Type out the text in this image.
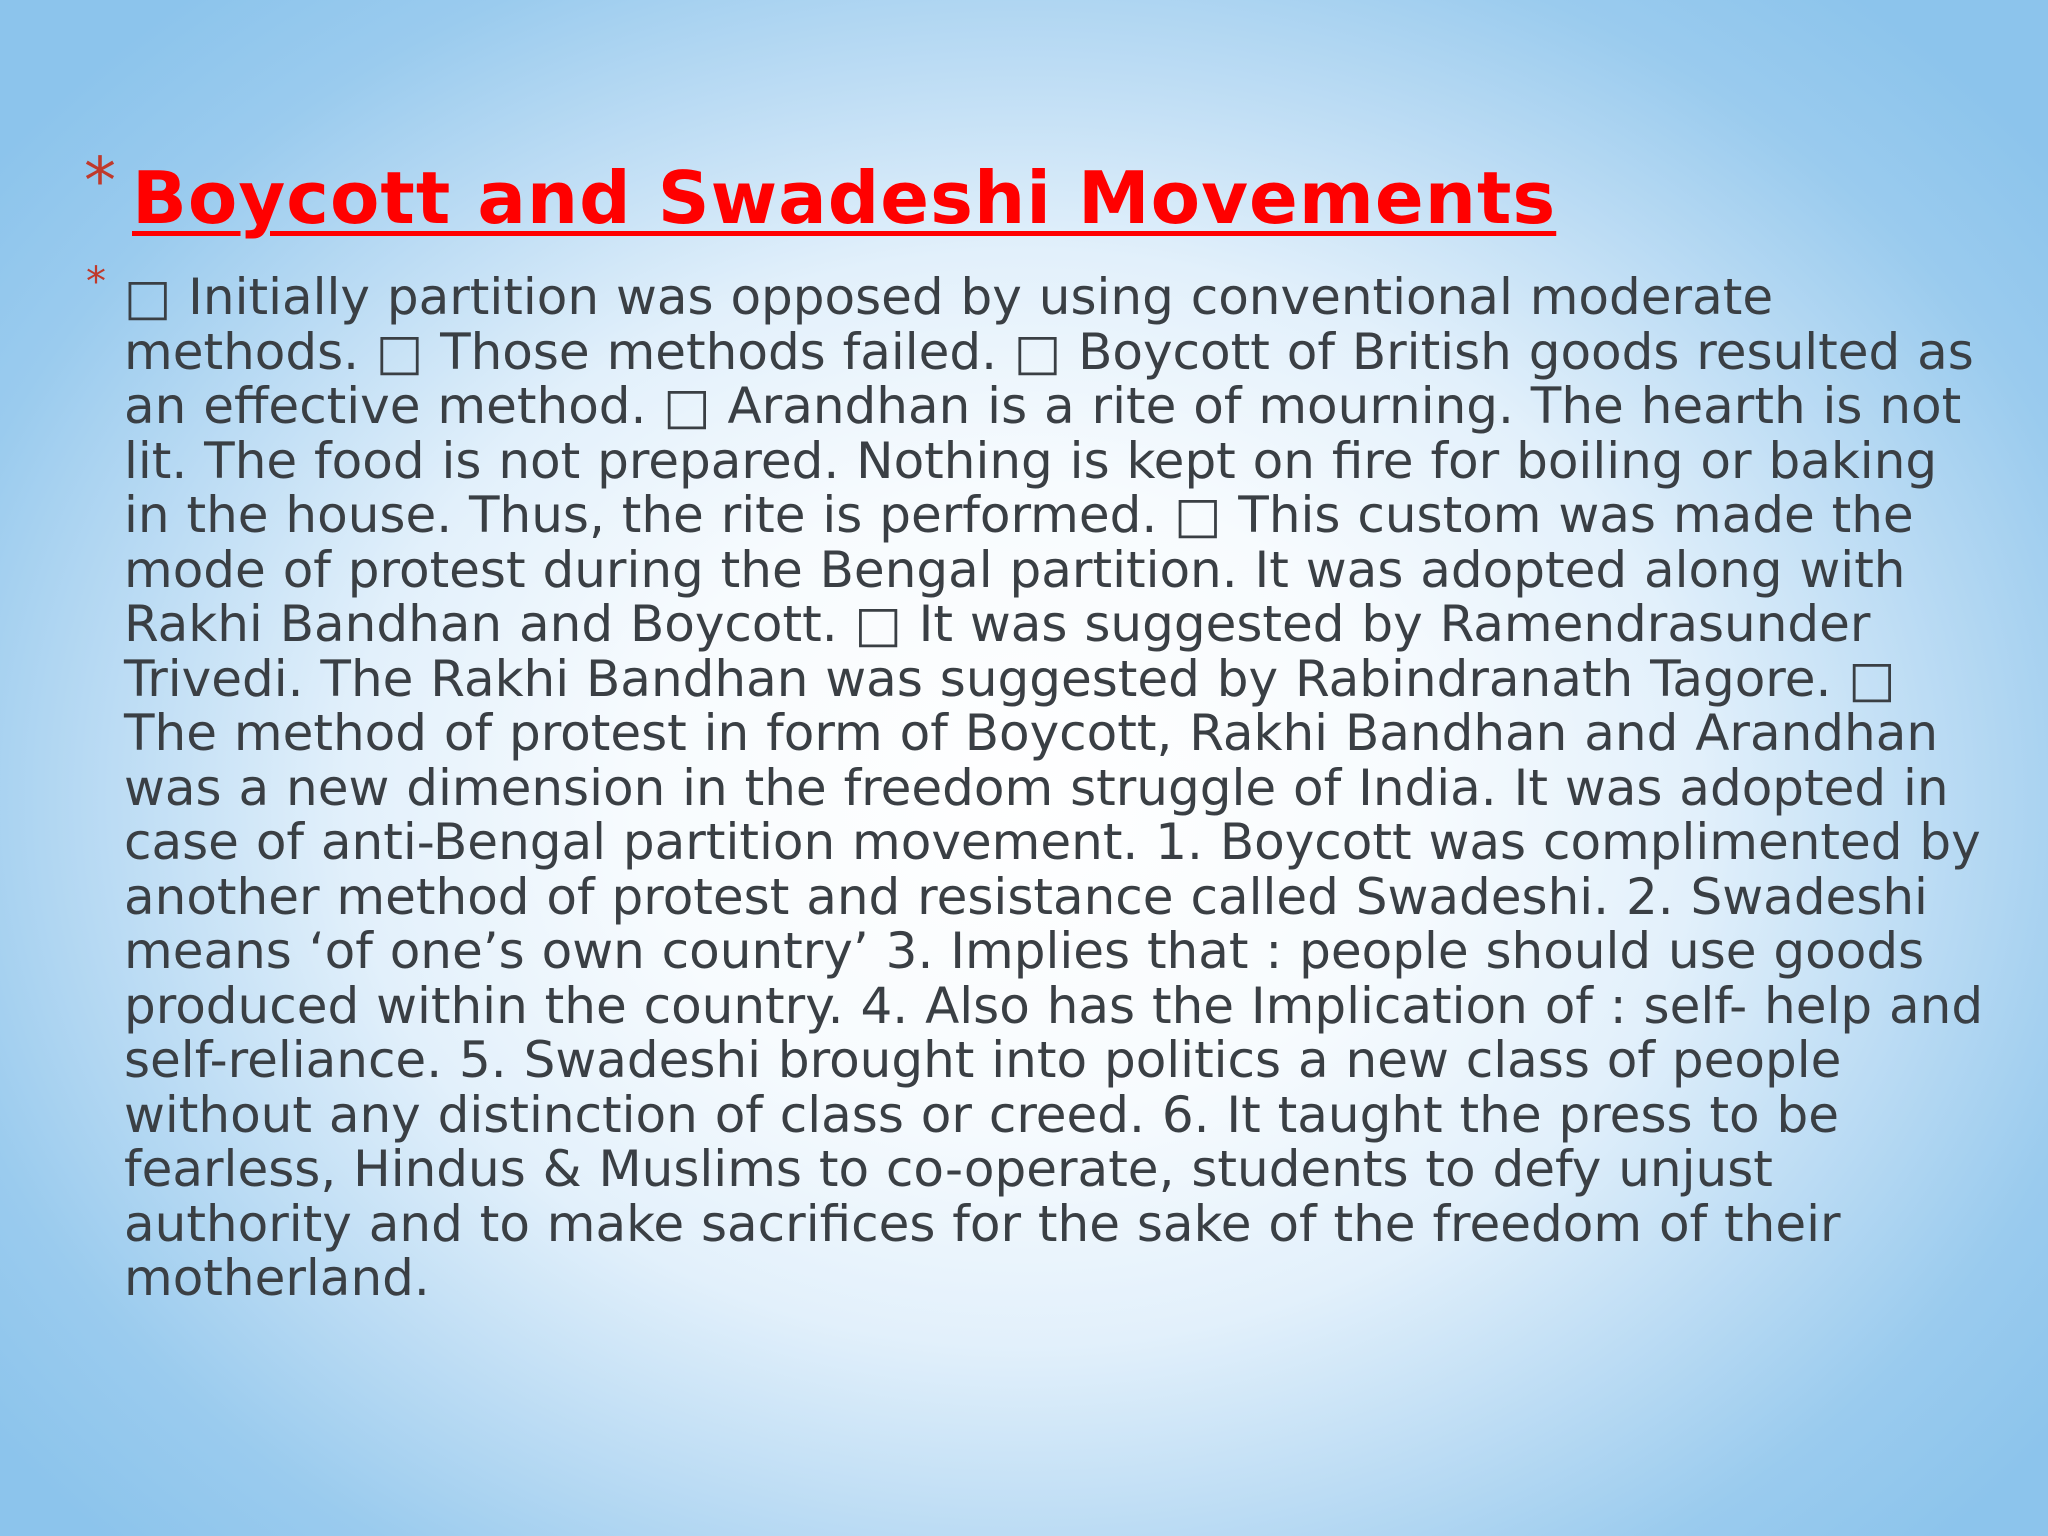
* Boycott and Swadeshi Movements
* □ Initially partition was opposed by using conventional moderate methods. □ Those methods failed. □ Boycott of British goods resulted as an effective method. □ Arandhan is a rite of mourning. The hearth is not lit. The food is not prepared. Nothing is kept on fire for boiling or baking in the house. Thus, the rite is performed. □ This custom was made the mode of protest during the Bengal partition. It was adopted along with Rakhi Bandhan and Boycott. □ It was suggested by Ramendrasunder Trivedi. The Rakhi Bandhan was suggested by Rabindranath Tagore. □ The method of protest in form of Boycott, Rakhi Bandhan and Arandhan was a new dimension in the freedom struggle of India. It was adopted in case of anti-Bengal partition movement. 1. Boycott was complimented by another method of protest and resistance called Swadeshi. 2. Swadeshi means ‘of one’s own country’ 3. Implies that : people should use goods produced within the country. 4. Also has the Implication of : self- help and self-reliance. 5. Swadeshi brought into politics a new class of people without any distinction of class or creed. 6. It taught the press to be fearless, Hindus & Muslims to co-operate, students to defy unjust authority and to make sacrifices for the sake of the freedom of their motherland.
